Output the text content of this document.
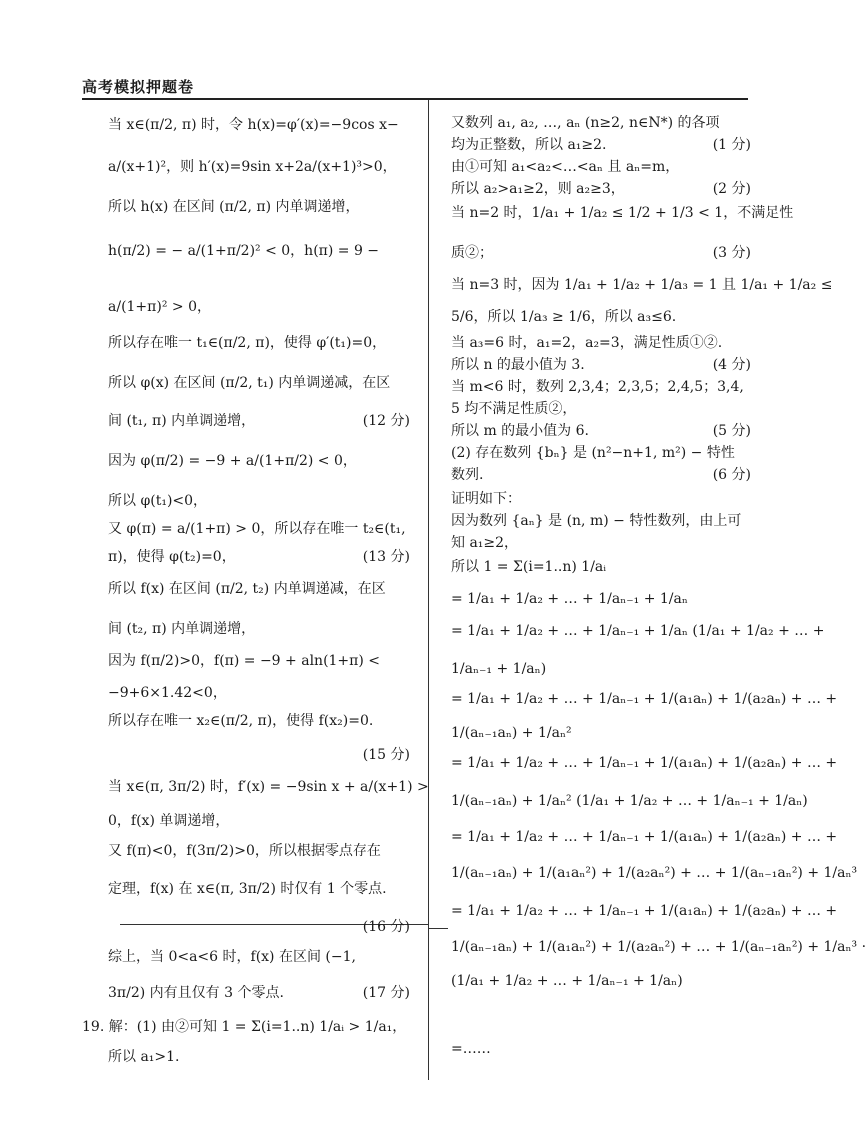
高考模拟押题卷
当 x∈(π/2, π) 时，令 h(x)=φ′(x)=−9cos x−
a/(x+1)²，则 h′(x)=9sin x+2a/(x+1)³>0，
所以 h(x) 在区间 (π/2, π) 内单调递增，
h(π/2) = − a/(1+π/2)² < 0，h(π) = 9 −
a/(1+π)² > 0，
所以存在唯一 t₁∈(π/2, π)，使得 φ′(t₁)=0，
所以 φ(x) 在区间 (π/2, t₁) 内单调递减，在区
间 (t₁, π) 内单调递增，	(12 分)
因为 φ(π/2) = −9 + a/(1+π/2) < 0，
所以 φ(t₁)<0，
又 φ(π) = a/(1+π) > 0，所以存在唯一 t₂∈(t₁,
π)，使得 φ(t₂)=0，	(13 分)
所以 f(x) 在区间 (π/2, t₂) 内单调递减，在区
间 (t₂, π) 内单调递增，
因为 f(π/2)>0，f(π) = −9 + aln(1+π) <
−9+6×1.42<0，
所以存在唯一 x₂∈(π/2, π)，使得 f(x₂)=0.
(15 分)
当 x∈(π, 3π/2) 时，f′(x) = −9sin x + a/(x+1) >
0，f(x) 单调递增，
又 f(π)<0，f(3π/2)>0，所以根据零点存在
定理，f(x) 在 x∈(π, 3π/2) 时仅有 1 个零点.
(16 分)
综上，当 0<a<6 时，f(x) 在区间 (−1,
3π/2) 内有且仅有 3 个零点.	(17 分)
又数列 a₁, a₂, …, aₙ (n≥2, n∈N*) 的各项
均为正整数，所以 a₁≥2.	(1 分)
由①可知 a₁<a₂<…<aₙ 且 aₙ=m，
所以 a₂>a₁≥2，则 a₂≥3，	(2 分)
当 n=2 时，1/a₁ + 1/a₂ ≤ 1/2 + 1/3 < 1，不满足性
质②；	(3 分)
当 n=3 时，因为 1/a₁ + 1/a₂ + 1/a₃ = 1 且 1/a₁ + 1/a₂ ≤
5/6，所以 1/a₃ ≥ 1/6，所以 a₃≤6.
当 a₃=6 时，a₁=2，a₂=3，满足性质①②.
所以 n 的最小值为 3.	(4 分)
当 m<6 时，数列 2,3,4；2,3,5；2,4,5；3,4,
5 均不满足性质②，
所以 m 的最小值为 6.	(5 分)
(2) 存在数列 {bₙ} 是 (n²−n+1, m²) − 特性
数列.	(6 分)
证明如下：
因为数列 {aₙ} 是 (n, m) − 特性数列，由上可
知 a₁≥2，
所以 1 = Σ(i=1..n) 1/aᵢ
= 1/a₁ + 1/a₂ + … + 1/aₙ₋₁ + 1/aₙ
= 1/a₁ + 1/a₂ + … + 1/aₙ₋₁ + 1/aₙ (1/a₁ + 1/a₂ + … +
1/aₙ₋₁ + 1/aₙ)
= 1/a₁ + 1/a₂ + … + 1/aₙ₋₁ + 1/(a₁aₙ) + 1/(a₂aₙ) + … +
1/(aₙ₋₁aₙ) + 1/aₙ²
= 1/a₁ + 1/a₂ + … + 1/aₙ₋₁ + 1/(a₁aₙ) + 1/(a₂aₙ) + … +
1/(aₙ₋₁aₙ) + 1/aₙ² (1/a₁ + 1/a₂ + … + 1/aₙ₋₁ + 1/aₙ)
= 1/a₁ + 1/a₂ + … + 1/aₙ₋₁ + 1/(a₁aₙ) + 1/(a₂aₙ) + … +
1/(aₙ₋₁aₙ) + 1/(a₁aₙ²) + 1/(a₂aₙ²) + … + 1/(aₙ₋₁aₙ²) + 1/aₙ³
= 1/a₁ + 1/a₂ + … + 1/aₙ₋₁ + 1/(a₁aₙ) + 1/(a₂aₙ) + … +
1/(aₙ₋₁aₙ) + 1/(a₁aₙ²) + 1/(a₂aₙ²) + … + 1/(aₙ₋₁aₙ²) + 1/aₙ³ ·
(1/a₁ + 1/a₂ + … + 1/aₙ₋₁ + 1/aₙ)
=……
19. 解：(1) 由②可知 1 = Σ(i=1..n) 1/aᵢ > 1/a₁，
所以 a₁>1.
